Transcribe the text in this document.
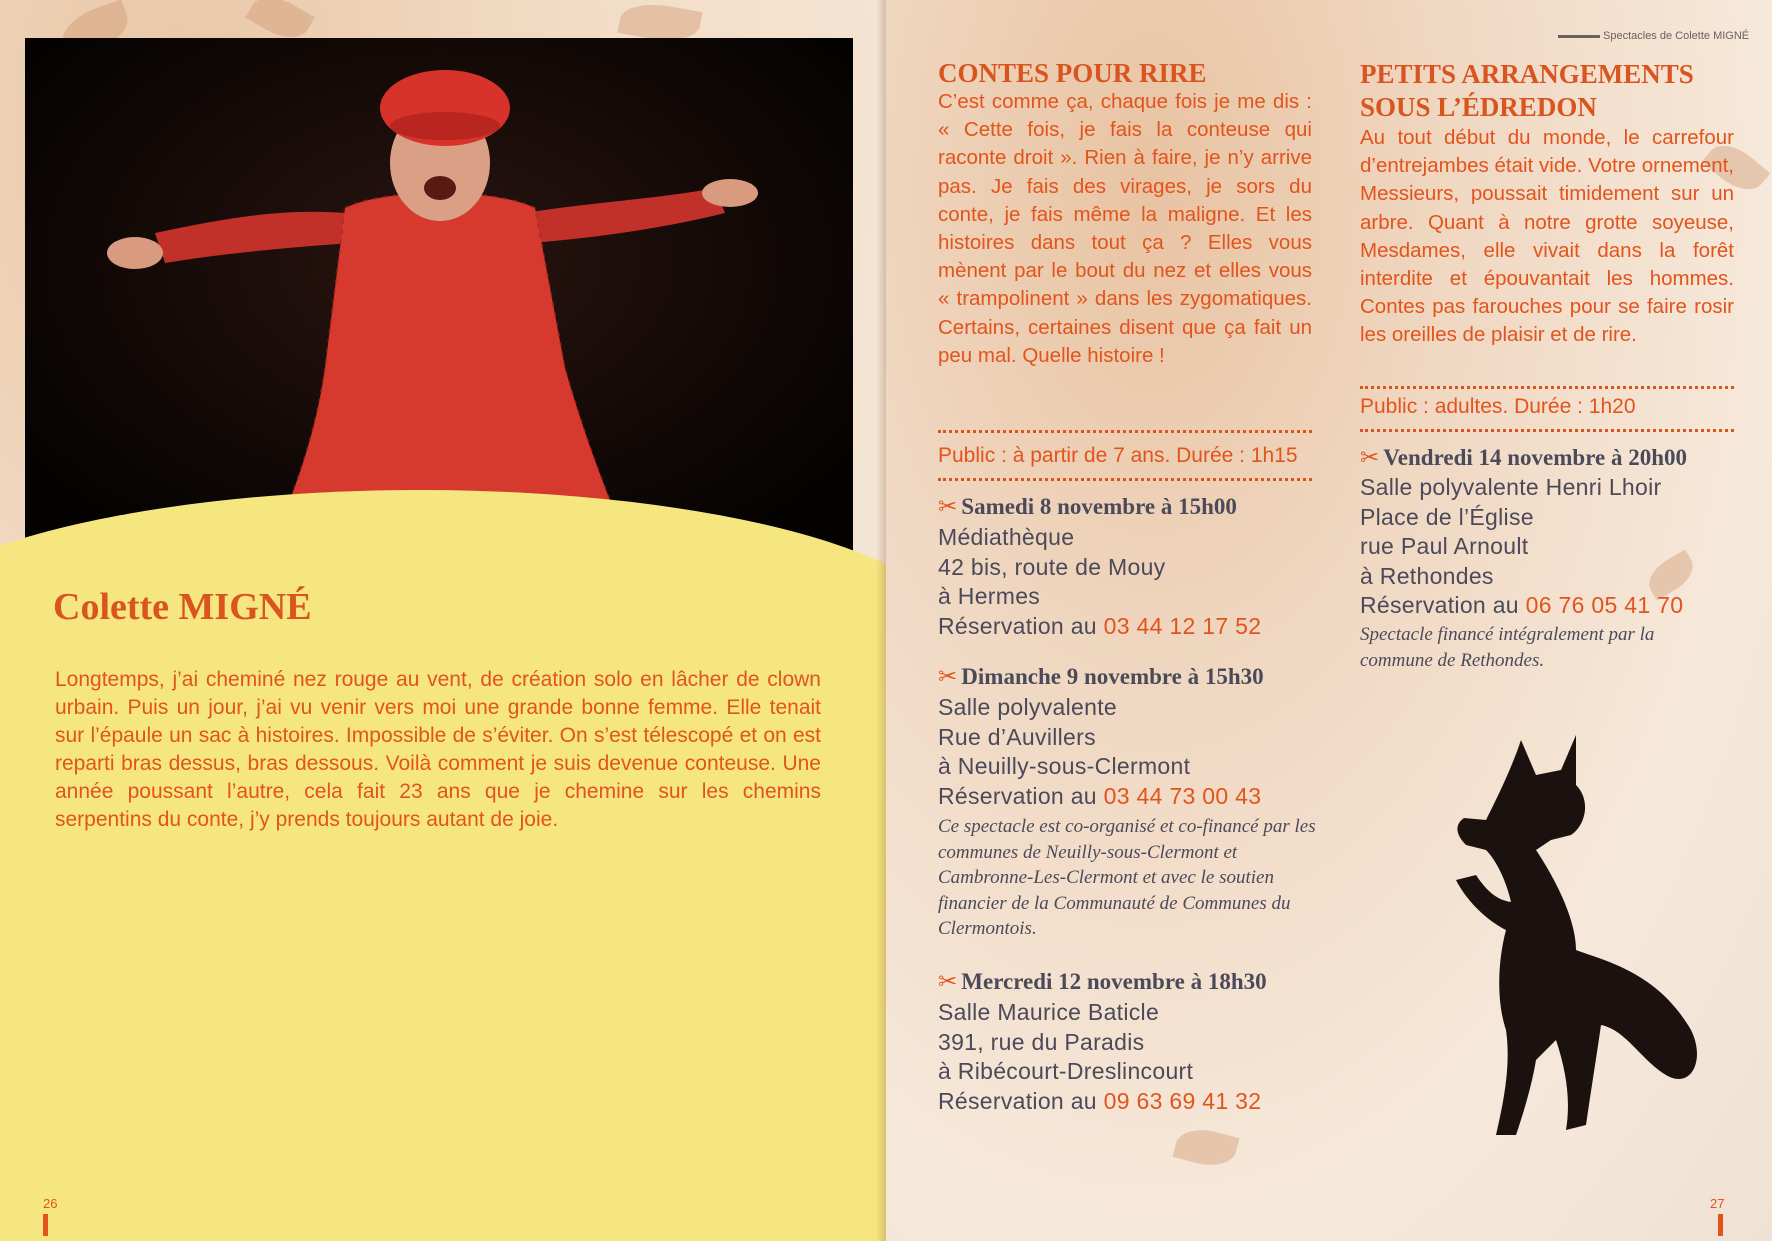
Colette MIGNÉ
Longtemps, j’ai cheminé nez rouge au vent, de création solo en lâcher de clown urbain. Puis un jour, j’ai vu venir vers moi une grande bonne femme. Elle tenait sur l’épaule un sac à histoires. Impossible de s’éviter. On s’est télescopé et on est reparti bras dessus, bras dessous. Voilà comment je suis devenue conteuse. Une année poussant l’autre, cela fait 23 ans que je chemine sur les chemins serpentins du conte, j’y prends toujours autant de joie.
26
Spectacles de Colette MIGNÉ
CONTES POUR RIRE
C’est comme ça, chaque fois je me dis : « Cette fois, je fais la conteuse qui raconte droit ». Rien à faire, je n’y arrive pas. Je fais des virages, je sors du conte, je fais même la maligne. Et les histoires dans tout ça ? Elles vous mènent par le bout du nez et elles vous « trampolinent » dans les zygomatiques. Certains, certaines disent que ça fait un peu mal. Quelle histoire !
Public : à partir de 7 ans. Durée : 1h15
✂ Samedi 8 novembre à 15h00
Médiathèque
42 bis, route de Mouy
à Hermes
Réservation au 03 44 12 17 52
✂ Dimanche 9 novembre à 15h30
Salle polyvalente
Rue d’Auvillers
à Neuilly-sous-Clermont
Réservation au 03 44 73 00 43
Ce spectacle est co-organisé et co-financé par les communes de Neuilly-sous-Clermont et Cambronne-Les-Clermont et avec le soutien financier de la Communauté de Communes du Clermontois.
✂ Mercredi 12 novembre à 18h30
Salle Maurice Baticle
391, rue du Paradis
à Ribécourt-Dreslincourt
Réservation au 09 63 69 41 32
PETITS ARRANGEMENTS
SOUS L’ÉDREDON
Au tout début du monde, le carrefour d’entrejambes était vide. Votre ornement, Messieurs, poussait timidement sur un arbre. Quant à notre grotte soyeuse, Mesdames, elle vivait dans la forêt interdite et épouvantait les hommes. Contes pas farouches pour se faire rosir les oreilles de plaisir et de rire.
Public : adultes. Durée : 1h20
✂ Vendredi 14 novembre à 20h00
Salle polyvalente Henri Lhoir
Place de l’Église
rue Paul Arnoult
à Rethondes
Réservation au 06 76 05 41 70
Spectacle financé intégralement par la commune de Rethondes.
27
